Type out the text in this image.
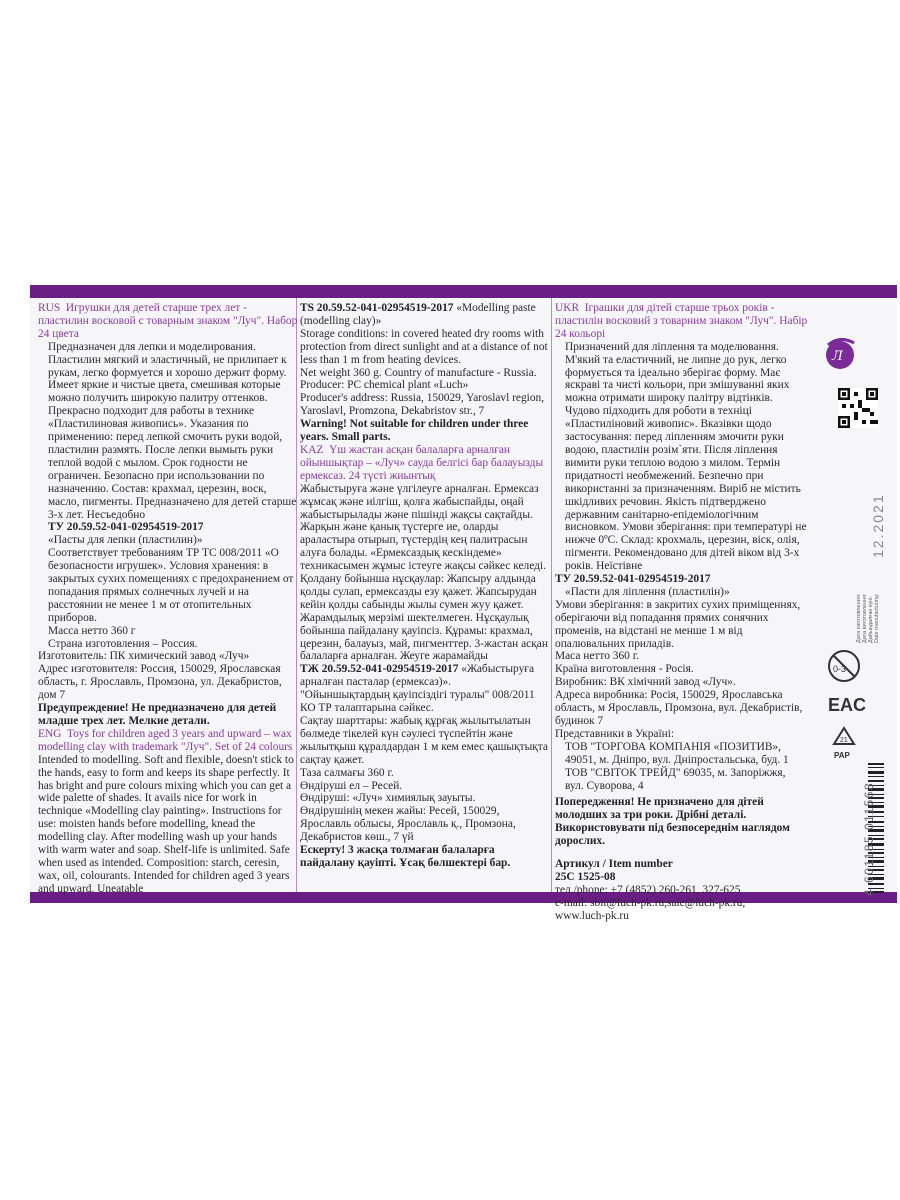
RUS Игрушки для детей старше трех лет - пластилин восковой с товарным знаком "Луч". Набор 24 цвета

Предназначен для лепки и моделирования. Пластилин мягкий и эластичный, не прилипает к рукам, легко формуется и хорошо держит форму. Имеет яркие и чистые цвета, смешивая которые можно получить широкую палитру оттенков. Прекрасно подходит для работы в технике «Пластилиновая живопись». Указания по применению: перед лепкой смочить руки водой, пластилин размять. После лепки вымыть руки теплой водой с мылом. Срок годности не ограничен. Безопасно при использовании по назначению. Состав: крахмал, церезин, воск, масло, пигменты. Предназначено для детей старше 3-х лет. Несъедобно

ТУ 20.59.52-041-02954519-2017

«Пасты для лепки (пластилин)»

Соответствует требованиям ТР ТС 008/2011 «О безопасности игрушек». Условия хранения: в закрытых сухих помещениях с предохранением от попадания прямых солнечных лучей и на расстоянии не менее 1 м от отопительных приборов.

Масса нетто 360 г

Страна изготовления – Россия.

Изготовитель: ПК химический завод «Луч»

Адрес изготовителя: Россия, 150029, Ярославская область, г. Ярославль, Промзона, ул. Декабристов, дом 7

Предупреждение! Не предназначено для детей младше трех лет. Мелкие детали.

ENG Toys for children aged 3 years and upward – wax modelling clay with trademark "Луч". Set of 24 colours

Intended to modelling. Soft and flexible, doesn't stick to the hands, easy to form and keeps its shape perfectly. It has bright and pure colours mixing which you can get a wide palette of shades. It avails nice for work in technique «Modelling clay painting». Instructions for use: moisten hands before modelling, knead the modelling clay. After modelling wash up your hands with warm water and soap. Shelf-life is unlimited. Safe when used as intended. Composition: starch, ceresin, wax, oil, colourants. Intended for children aged 3 years and upward. Uneatable

TS 20.59.52-041-02954519-2017 «Modelling paste (modelling clay)»

Storage conditions: in covered heated dry rooms with protection from direct sunlight and at a distance of not less than 1 m from heating devices.

Net weight 360 g. Country of manufacture - Russia.

Producer: PC chemical plant «Luch»

Producer's address: Russia, 150029, Yaroslavl region, Yaroslavl, Promzona, Dekabristov str., 7

Warning! Not suitable for children under three years. Small parts.

KAZ Үш жастан асқан балаларға арналған ойыншықтар – «Луч» сауда белгісі бар балауызды ермексаз. 24 түсті жиынтық

Жабыстыруға және үлгілеуге арналған. Ермексаз жұмсақ және иілгіш, қолға жабыспайды, оңай жабыстырылады және пішінді жақсы сақтайды. Жарқын және қанық түстерге ие, оларды араластыра отырып, түстердің кең палитрасын алуға болады. «Ермексаздық кескіндеме» техникасымен жұмыс істеуге жақсы сәйкес келеді. Қолдану бойынша нұсқаулар: Жапсыру алдында қолды сулап, ермексазды езу қажет. Жапсырудан кейін қолды сабынды жылы сумен жуу қажет. Жарамдылық мерзімі шектелмеген. Нұсқаулық бойынша пайдалану қауіпсіз. Құрамы: крахмал, церезин, балауыз, май, пигменттер. 3-жастан асқан балаларға арналған. Жеуге жарамайды

ТЖ 20.59.52-041-02954519-2017 «Жабыстыруға арналған пасталар (ермексаз)».

"Ойыншықтардың қауіпсіздігі туралы" 008/2011 КО ТР талаптарына сәйкес.

Сақтау шарттары: жабық құрғақ жылытылатын бөлмеде тікелей күн сәулесі түспейтін және жылытқыш құралдардан 1 м кем емес қашықтықта сақтау қажет.

Таза салмағы 360 г.

Өндіруші ел – Ресей.

Өндіруші: «Луч» химиялық зауыты.

Өндірушінің мекен жайы: Ресей, 150029, Ярославль облысы, Ярославль қ., Промзона, Декабристов көш., 7 үй

Ескерту! 3 жасқа толмаған балаларға пайдалану қауіпті. Ұсақ бөлшектері бар.

UKR Іграшки для дітей старше трьох років - пластилін восковий з товарним знаком "Луч". Набір 24 кольорі

Призначений для ліплення та моделювання. М'який та еластичний, не липне до рук, легко формується та ідеально зберігає форму. Має яскраві та чисті кольори, при змішуванні яких можна отримати широку палітру відтінків. Чудово підходить для роботи в техніці «Пластиліновий живопис». Вказівки щодо застосування: перед ліпленням змочити руки водою, пластилін розім`яти. Після ліплення вимити руки теплою водою з милом. Термін придатності необмежений. Безпечно при використанні за призначенням. Виріб не містить шкідливих речовин. Якість підтверджено державним санітарно-епідеміологічним висновком. Умови зберігання: при температурі не нижче 0ºС. Склад: крохмаль, церезин, віск, олія, пігменти. Рекомендовано для дітей віком від 3-х років. Неїстівне

ТУ 20.59.52-041-02954519-2017

«Пасти для ліплення (пластилін)»

Умови зберігання: в закритих сухих приміщеннях, оберігаючи від попадання прямих сонячних променів, на відстані не менше 1 м від опалювальних приладів.

Маса нетто 360 г.

Країна виготовлення - Росія.

Виробник: ВК хімічний завод «Луч».

Адреса виробника: Росія, 150029, Ярославська область, м Ярославль, Промзона, вул. Декабристів, будинок 7

Представники в Україні:

ТОВ "ТОРГОВА КОМПАНІЯ «ПОЗИТИВ»,

49051, м. Дніпро, вул. Дніпростальська, буд. 1

ТОВ "СВІТОК ТРЕЙД" 69035, м. Запоріжжя,

вул. Суворова, 4

Попередження! Не призначено для дітей молодших за три роки. Дрібні деталі. Використовувати під безпосереднім наглядом дорослих.

Артикул / Item number

25С 1525-08

тел./phone: +7 (4852) 260-261, 327-625

e-mail: sbit@luch-pk.ru,sale@luch-pk.ru,

www.luch-pk.ru

Л
12.2021
Дата изготовления: Дата виготовлення: Дайындалған күні: Date manufacturing:
0-3

EAC

21
PAP
4 601185 011568
